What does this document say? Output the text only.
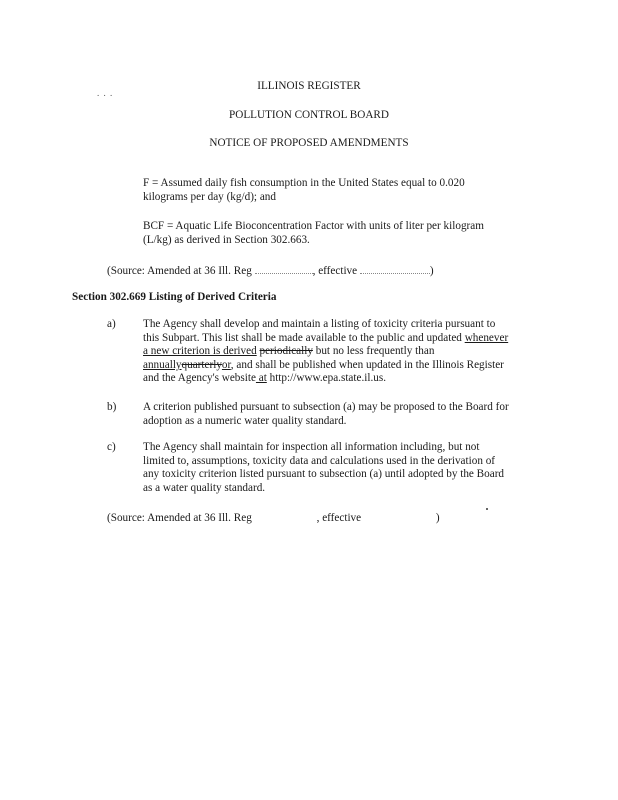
. . .
ILLINOIS REGISTER
POLLUTION CONTROL BOARD
NOTICE OF PROPOSED AMENDMENTS
F = Assumed daily fish consumption in the United States equal to 0.020
kilograms per day (kg/d); and
BCF = Aquatic Life Bioconcentration Factor with units of liter per kilogram
(L/kg) as derived in Section 302.663.
(Source: Amended at 36 Ill. Reg	, effective	)
Section 302.669 Listing of Derived Criteria
a) The Agency shall develop and maintain a listing of toxicity criteria pursuant to
this Subpart. This list shall be made available to the public and updated whenever
a new criterion is derived periodically but no less frequently than
annuallyquarterlyor, and shall be published when updated in the Illinois Register
and the Agency's website at http://www.epa.state.il.us.
b) A criterion published pursuant to subsection (a) may be proposed to the Board for
adoption as a numeric water quality standard.
c) The Agency shall maintain for inspection all information including, but not
limited to, assumptions, toxicity data and calculations used in the derivation of
any toxicity criterion listed pursuant to subsection (a) until adopted by the Board
as a water quality standard.
(Source: Amended at 36 Ill. Reg	, effective	)
